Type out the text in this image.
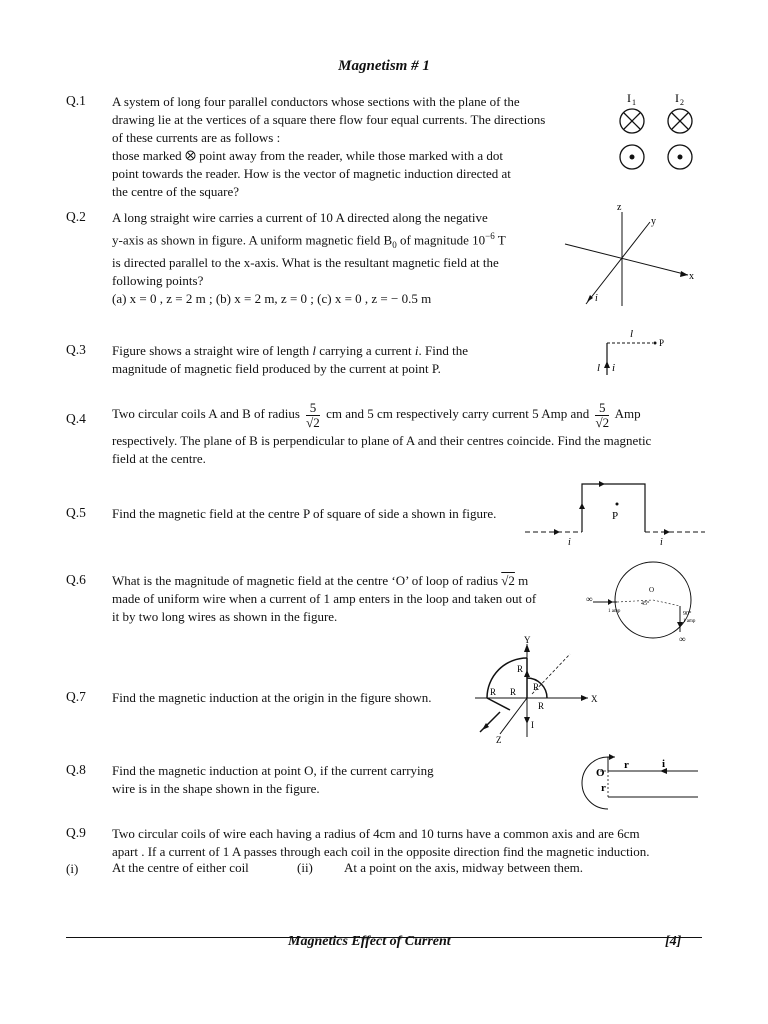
Magnetism # 1
Q.1 A system of long four parallel conductors whose sections with the plane of the
drawing lie at the vertices of a square there flow four equal currents. The directions
of these currents are as follows :
those marked point away from the reader, while those marked with a dot
point towards the reader. How is the vector of magnetic induction directed at
the centre of the square?
I 1	I 2
Q.2 A long straight wire carries a current of 10 A directed along the negative
y-axis as shown in figure. A uniform magnetic field $B_0$ of magnitude $10^{-6}$ T
is directed parallel to the x-axis. What is the resultant magnetic field at the
following points?
(a) x = 0 , z = 2 m ; (b) x = 2 m, z = 0 ; (c) x = 0 , z = − 0.5 m
z
y
x
i
Q.3 Figure shows a straight wire of length l carrying a current i. Find the
magnitude of magnetic field produced by the current at point P.
l
P
l i
Q.4 Two circular coils A and B of radius $\frac{5}{√2}$ cm and 5 cm respectively carry current 5 Amp and $\frac{5}{√2}$ Amp
respectively. The plane of B is perpendicular to plane of A and their centres coincide. Find the magnetic
field at the centre.
Q.5 Find the magnetic field at the centre P of square of side a shown in figure.	P
i	i
Q.6 What is the magnitude of magnetic field at the centre ‘O’ of loop of radius √2 m
made of uniform wire when a current of 1 amp enters in the loop and taken out of
it by two long wires as shown in the figure.
∞
O
45°
1 amp	90°
1 amp
∞
Q.7 Find the magnetic induction at the origin in the figure shown.
Y
R
R
R R
R
X
I
Z
Q.8 Find the magnetic induction at point O, if the current carrying
wire is in the shape shown in the figure.
O
r	i
r
Q.9 Two circular coils of wire each having a radius of 4cm and 10 turns have a common axis and are 6cm
apart . If a current of 1 A passes through each coil in the opposite direction find the magnetic induction.
(i)	At the centre of either coil	(ii) At a point on the axis, midway between them.
Magnetics Effect of Current	[4]
